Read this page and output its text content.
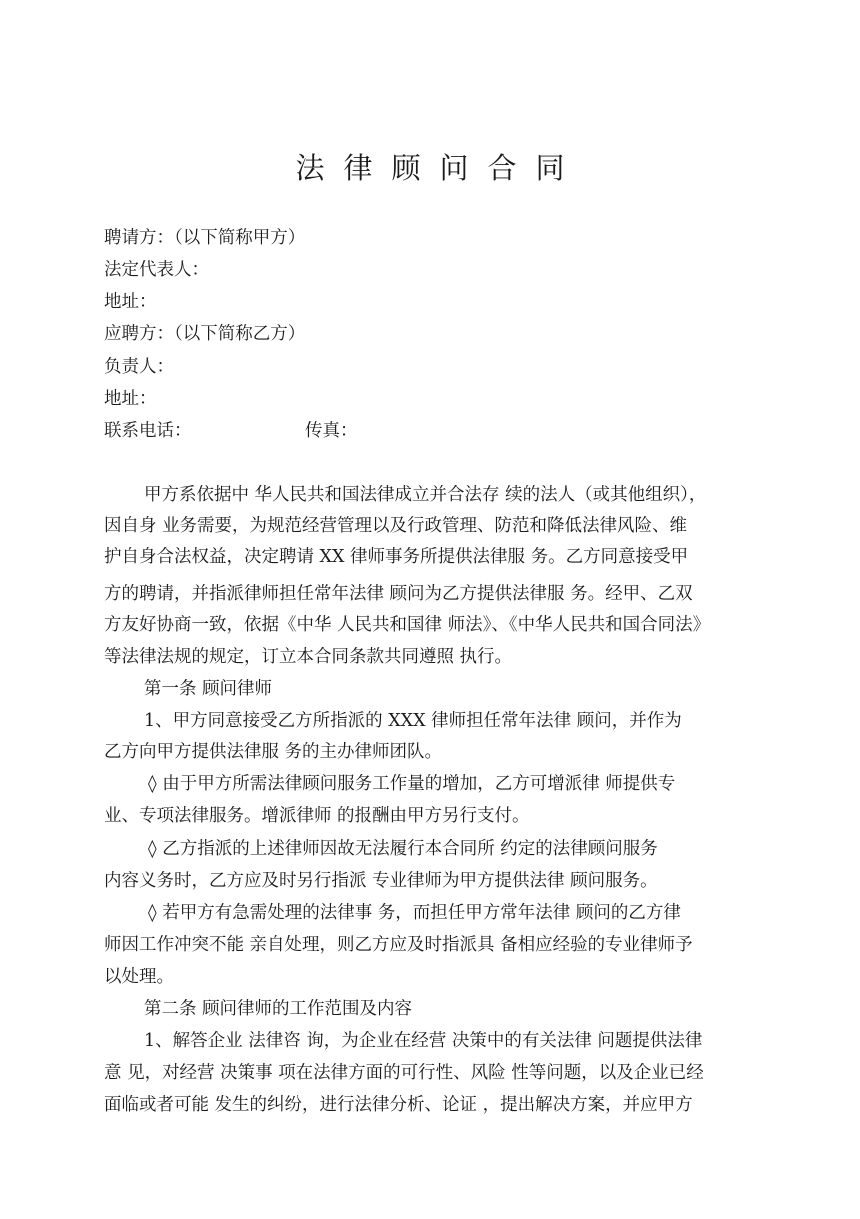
法律顾问合同
聘请方：（以下简称甲方）
法定代表人：
地址：
应聘方：（以下简称乙方）
负责人：
地址：
联系电话：	传真：
甲方系依据中 华人民共和国法律成立并合法存 续的法人（或其他组织），
因自身 业务需要，为规范经营管理以及行政管理、防范和降低法律风险、维
护自身合法权益，决定聘请 XX 律师事务所提供法律服 务。乙方同意接受甲
方的聘请，并指派律师担任常年法律 顾问为乙方提供法律服 务。经甲、乙双
方友好协商一致，依据《中华 人民共和国律 师法》、《中华人民共和国合同法》
等法律法规的规定，订立本合同条款共同遵照 执行。
第一条 顾问律师
1、甲方同意接受乙方所指派的 XXX 律师担任常年法律 顾问，并作为
乙方向甲方提供法律服 务的主办律师团队。
◊ 由于甲方所需法律顾问服务工作量的增加，乙方可增派律 师提供专
业、专项法律服务。增派律师 的报酬由甲方另行支付。
◊ 乙方指派的上述律师因故无法履行本合同所 约定的法律顾问服务
内容义务时，乙方应及时另行指派 专业律师为甲方提供法律 顾问服务。
◊ 若甲方有急需处理的法律事 务，而担任甲方常年法律 顾问的乙方律
师因工作冲突不能 亲自处理，则乙方应及时指派具 备相应经验的专业律师予
以处理。
第二条 顾问律师的工作范围及内容
1、解答企业 法律咨 询，为企业在经营 决策中的有关法律 问题提供法律
意 见，对经营 决策事 项在法律方面的可行性、风险 性等问题，以及企业已经
面临或者可能 发生的纠纷，进行法律分析、论证 ，提出解决方案，并应甲方
